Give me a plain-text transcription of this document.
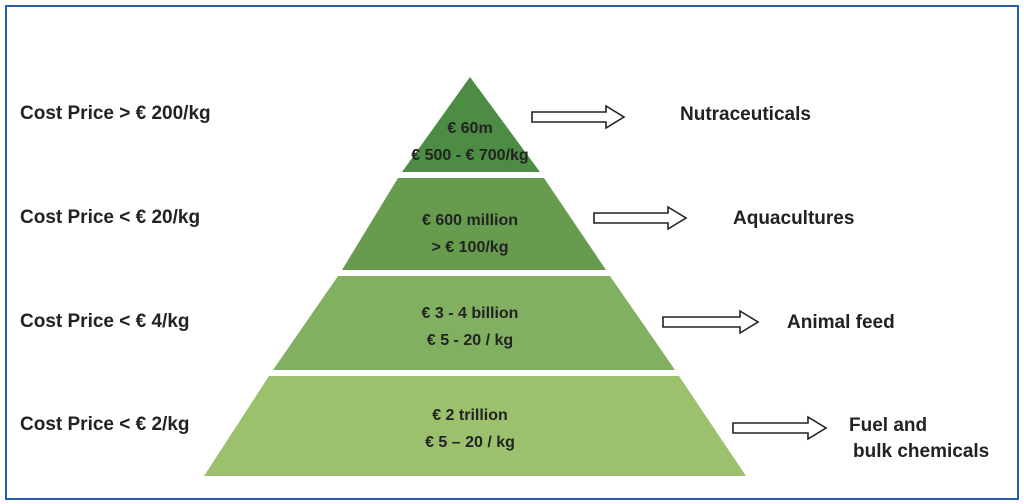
Cost Price > € 200/kg
Cost Price < € 20/kg
Cost Price < € 4/kg
Cost Price < € 2/kg
€ 60m
€ 500 - € 700/kg
€ 600 million
> € 100/kg
€ 3 - 4 billion
€ 5 - 20 / kg
€ 2 trillion
€ 5 – 20 / kg
Nutraceuticals
Aquacultures
Animal feed
Fuel and
bulk chemicals
